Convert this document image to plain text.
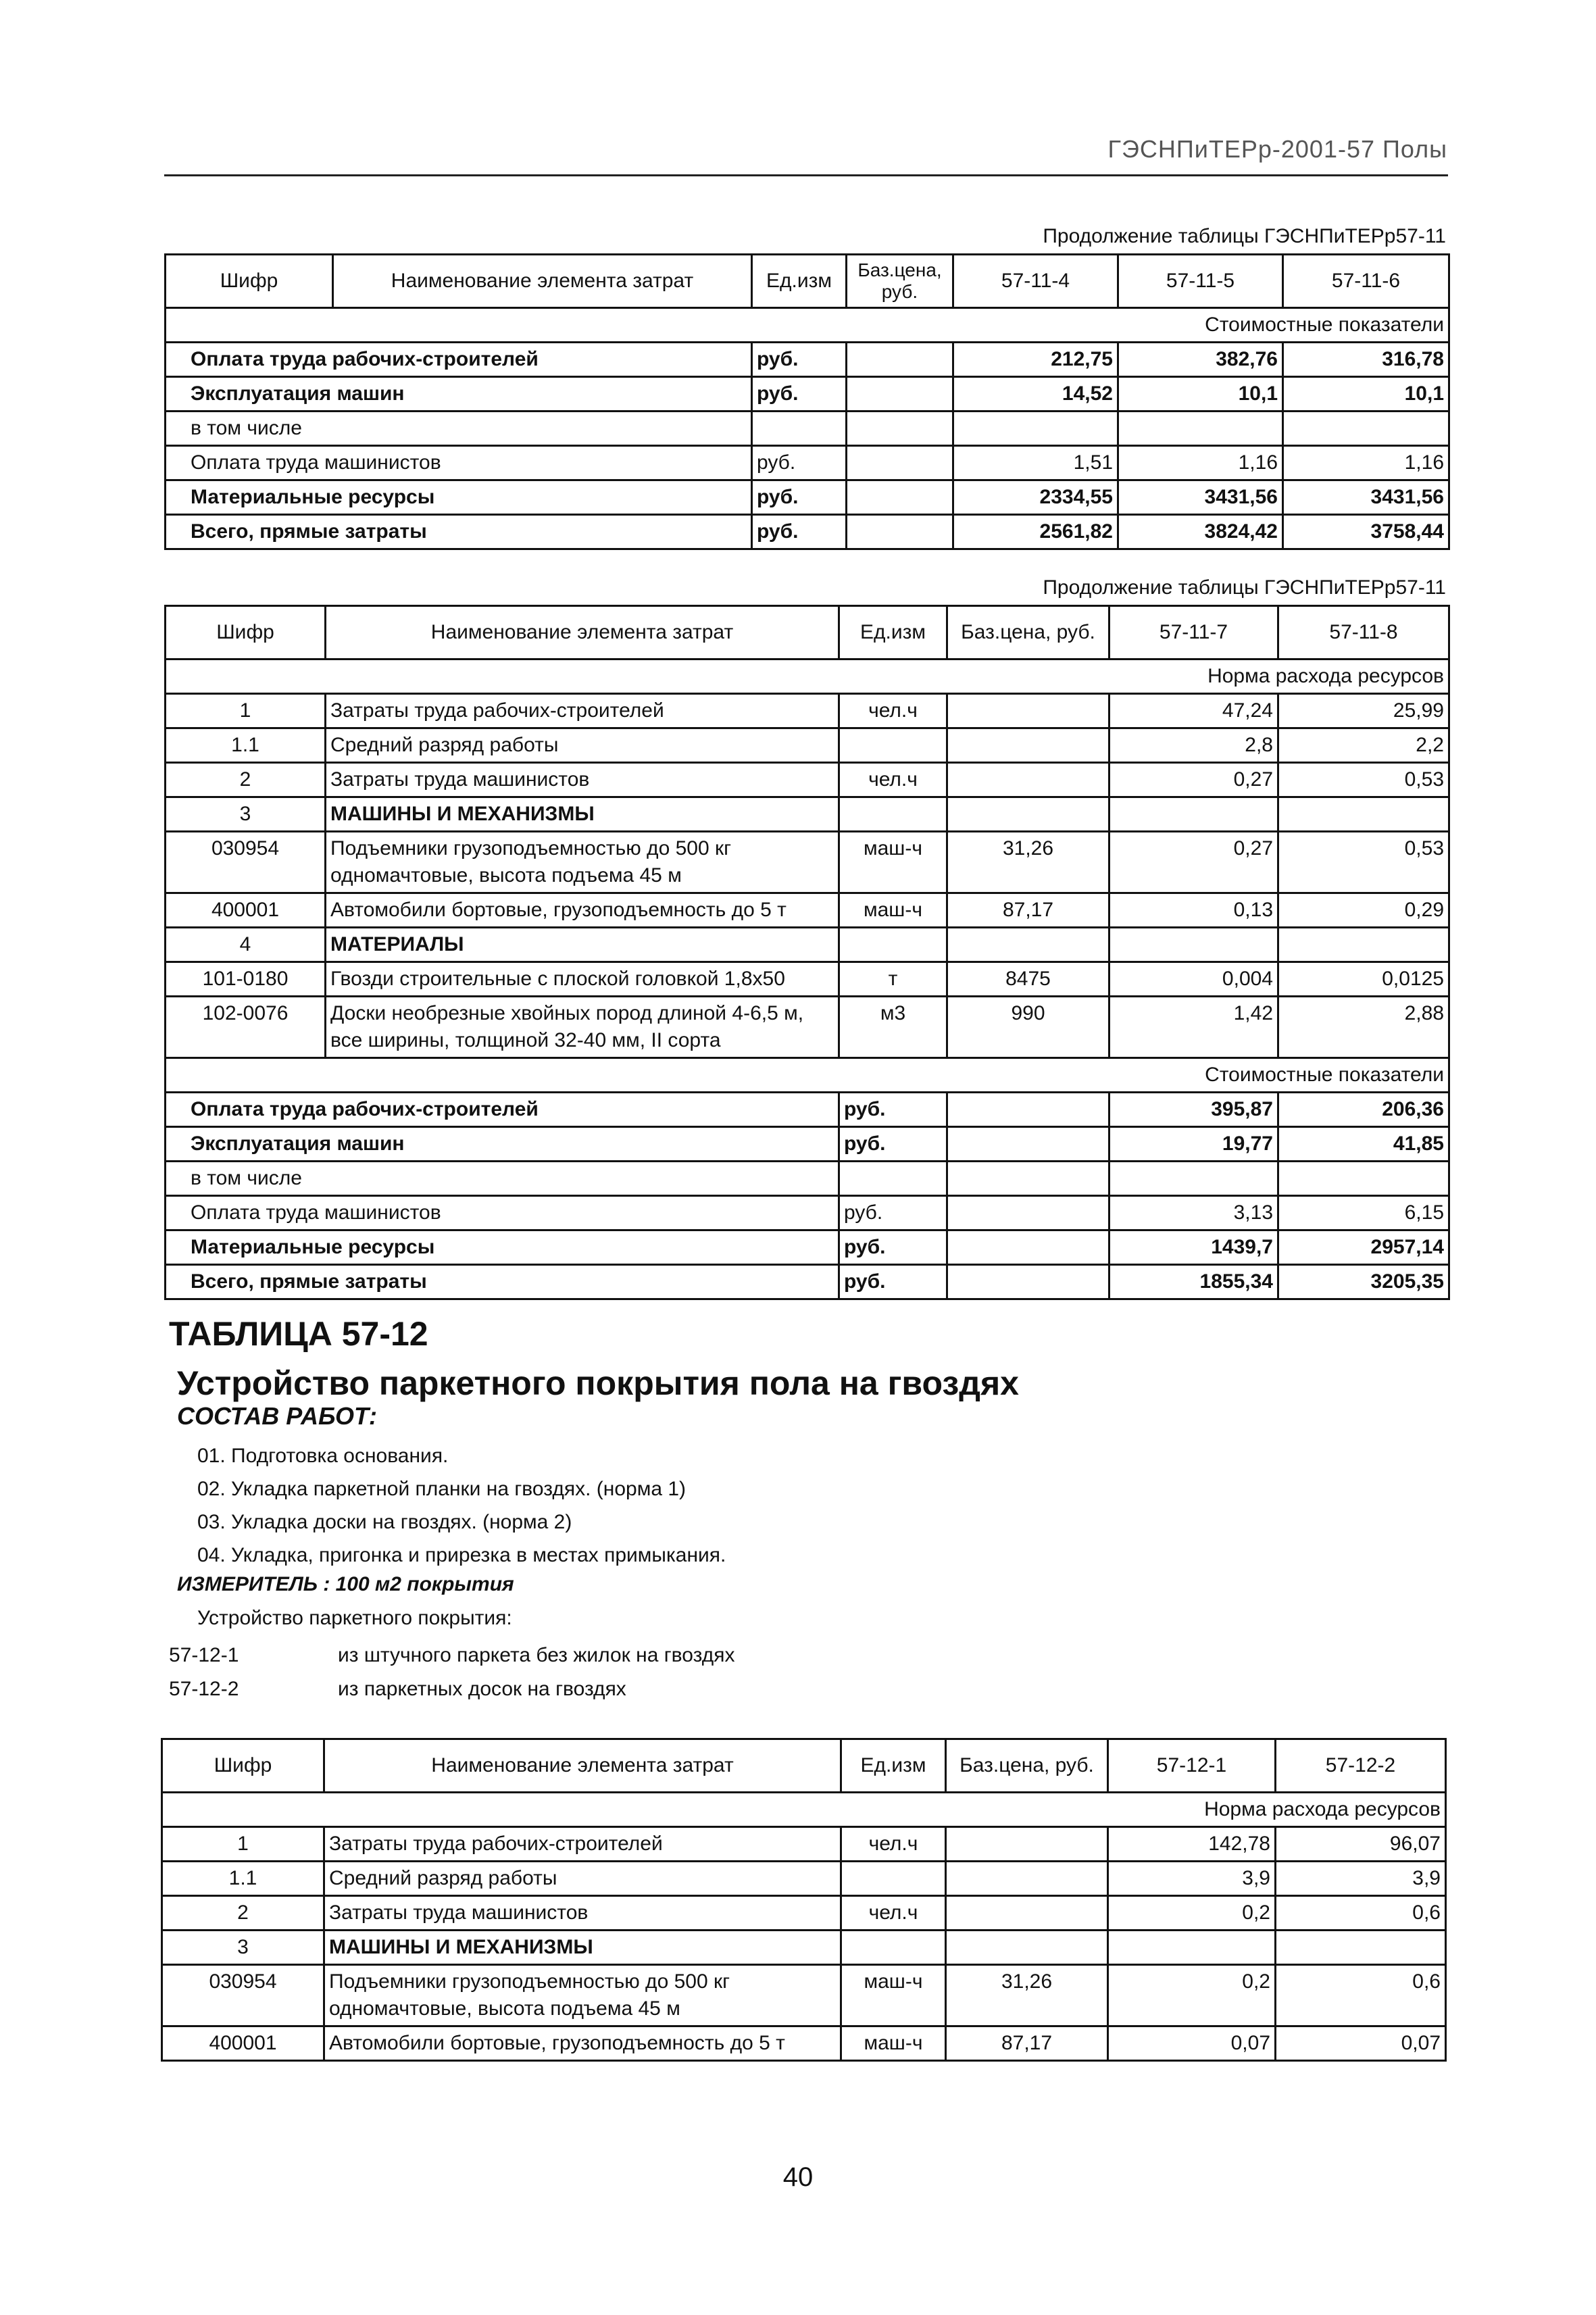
ГЭСНПиТЕРр-2001-57 Полы
Продолжение таблицы ГЭСНПиТЕРр57-11
Шифр	Наименование элемента затрат	Ед.изм	Баз.цена, руб.	57-11-4	57-11-5	57-11-6
Стоимостные показатели						
Оплата труда рабочих-строителей		руб.		212,75	382,76	316,78
Эксплуатация машин		руб.		14,52	10,1	10,1
в том числе						
Оплата труда машинистов		руб.		1,51	1,16	1,16
Материальные ресурсы		руб.		2334,55	3431,56	3431,56
Всего, прямые затраты		руб.		2561,82	3824,42	3758,44
Продолжение таблицы ГЭСНПиТЕРр57-11
Шифр	Наименование элемента затрат	Ед.изм	Баз.цена, руб.	57-11-7	57-11-8
Норма расхода ресурсов					
1	Затраты труда рабочих-строителей	чел.ч		47,24	25,99
1.1	Средний разряд работы			2,8	2,2
2	Затраты труда машинистов	чел.ч		0,27	0,53
3	МАШИНЫ И МЕХАНИЗМЫ				
030954	Подъемники грузоподъемностью до 500 кг одномачтовые, высота подъема 45 м	маш-ч	31,26	0,27	0,53
400001	Автомобили бортовые, грузоподъемность до 5 т	маш-ч	87,17	0,13	0,29
4	МАТЕРИАЛЫ				
101-0180	Гвозди строительные с плоской головкой 1,8х50	т	8475	0,004	0,0125
102-0076	Доски необрезные хвойных пород длиной 4-6,5 м, все ширины, толщиной 32-40 мм, II сорта	м3	990	1,42	2,88
Стоимостные показатели					
Оплата труда рабочих-строителей		руб.		395,87	206,36
Эксплуатация машин		руб.		19,77	41,85
в том числе					
Оплата труда машинистов		руб.		3,13	6,15
Материальные ресурсы		руб.		1439,7	2957,14
Всего, прямые затраты		руб.		1855,34	3205,35
ТАБЛИЦА 57-12
Устройство паркетного покрытия пола на гвоздях
СОСТАВ РАБОТ:
01. Подготовка основания.
02. Укладка паркетной планки на гвоздях. (норма 1)
03. Укладка доски на гвоздях. (норма 2)
04. Укладка, пригонка и прирезка в местах примыкания.
ИЗМЕРИТЕЛЬ : 100 м2 покрытия
Устройство паркетного покрытия:
57-12-1	из штучного паркета без жилок на гвоздях
57-12-2	из паркетных досок на гвоздях
Шифр	Наименование элемента затрат	Ед.изм	Баз.цена, руб.	57-12-1	57-12-2
Норма расхода ресурсов					
1	Затраты труда рабочих-строителей	чел.ч		142,78	96,07
1.1	Средний разряд работы			3,9	3,9
2	Затраты труда машинистов	чел.ч		0,2	0,6
3	МАШИНЫ И МЕХАНИЗМЫ				
030954	Подъемники грузоподъемностью до 500 кг одномачтовые, высота подъема 45 м	маш-ч	31,26	0,2	0,6
400001	Автомобили бортовые, грузоподъемность до 5 т	маш-ч	87,17	0,07	0,07
40
